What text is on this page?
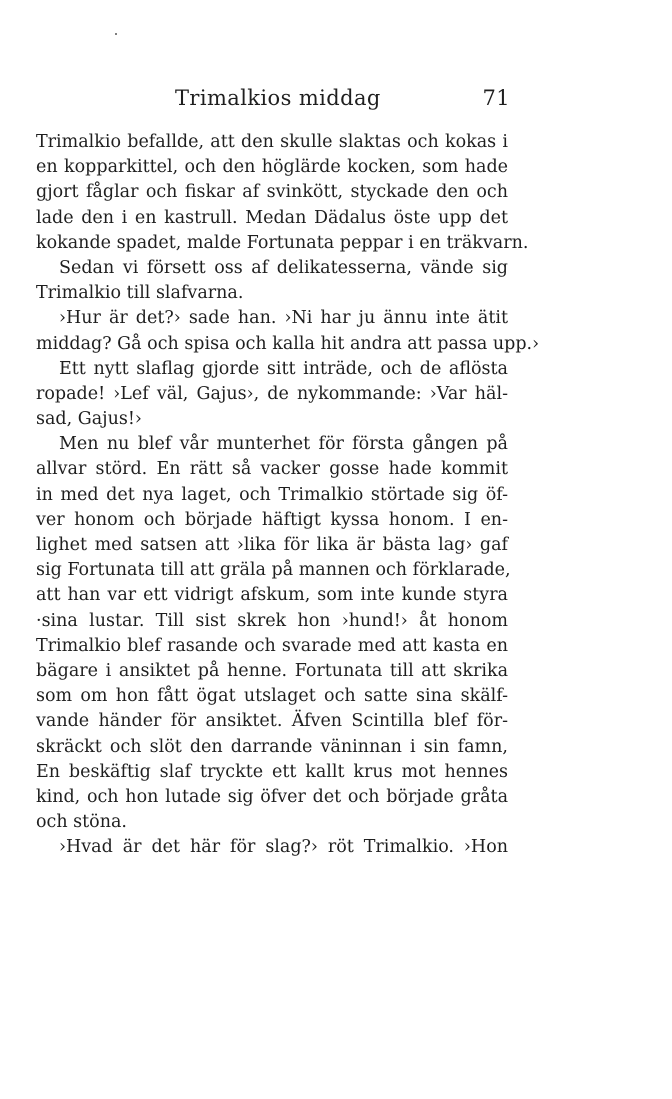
Trimalkios middag	71
Trimalkio befallde, att den skulle slaktas och kokas i
en kopparkittel, och den höglärde kocken, som hade
gjort fåglar och fiskar af svinkött, styckade den och
lade den i en kastrull. Medan Dädalus öste upp det
kokande spadet, malde Fortunata peppar i en träkvarn.
Sedan vi försett oss af delikatesserna, vände sig
Trimalkio till slafvarna.
›Hur är det?› sade han. ›Ni har ju ännu inte ätit
middag? Gå och spisa och kalla hit andra att passa upp.›
Ett nytt slaflag gjorde sitt inträde, och de aflösta
ropade! ›Lef väl, Gajus›, de nykommande: ›Var häl-
sad, Gajus!›
Men nu blef vår munterhet för första gången på
allvar störd. En rätt så vacker gosse hade kommit
in med det nya laget, och Trimalkio störtade sig öf-
ver honom och började häftigt kyssa honom. I en-
lighet med satsen att ›lika för lika är bästa lag› gaf
sig Fortunata till att gräla på mannen och förklarade,
att han var ett vidrigt afskum, som inte kunde styra
·sina lustar. Till sist skrek hon ›hund!› åt honom
Trimalkio blef rasande och svarade med att kasta en
bägare i ansiktet på henne. Fortunata till att skrika
som om hon fått ögat utslaget och satte sina skälf-
vande händer för ansiktet. Äfven Scintilla blef för-
skräckt och slöt den darrande väninnan i sin famn,
En beskäftig slaf tryckte ett kallt krus mot hennes
kind, och hon lutade sig öfver det och började gråta
och stöna.
›Hvad är det här för slag?› röt Trimalkio. ›Hon
